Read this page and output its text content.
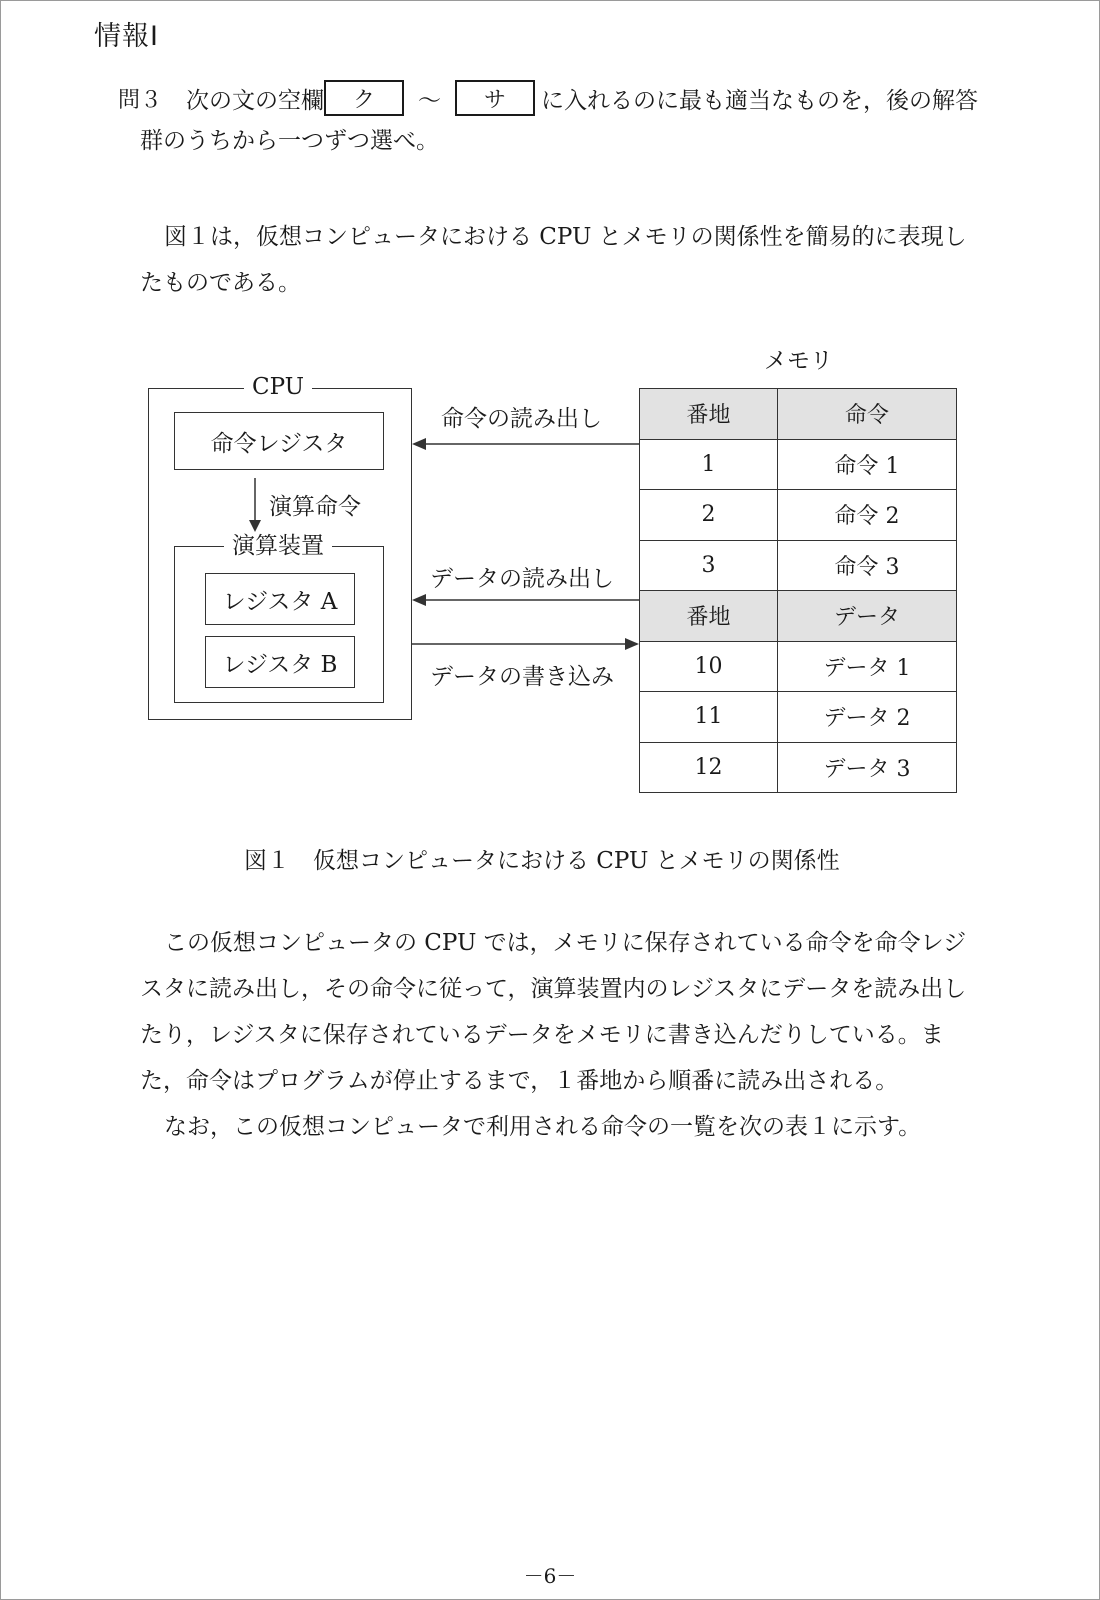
情報Ⅰ
問３ 次の文の空欄	ク	〜	サ	に入れるのに最も適当なものを，後の解答
群のうちから一つずつ選べ。
図１は，仮想コンピュータにおける CPU とメモリの関係性を簡易的に表現し
たものである。
CPU
命令レジスタ
演算命令
演算装置
レジスタ A
レジスタ B
命令の読み出し
データの読み出し
データの書き込み
メモリ
番地	命令
1	命令 1
2	命令 2
3	命令 3
番地	データ
10	データ 1
11	データ 2
12	データ 3
図１　仮想コンピュータにおける CPU とメモリの関係性
この仮想コンピュータの CPU では，メモリに保存されている命令を命令レジ
スタに読み出し，その命令に従って，演算装置内のレジスタにデータを読み出し
たり，レジスタに保存されているデータをメモリに書き込んだりしている。ま
た，命令はプログラムが停止するまで，１番地から順番に読み出される。
なお，この仮想コンピュータで利用される命令の一覧を次の表１に示す。
－6－
